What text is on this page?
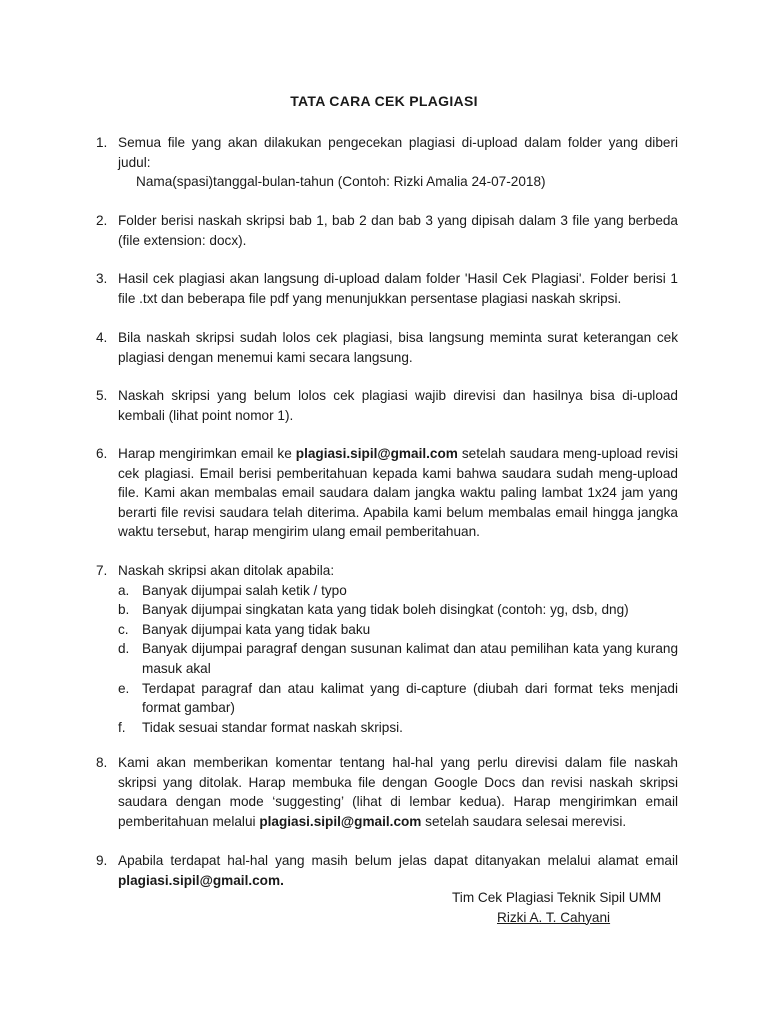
TATA CARA CEK PLAGIASI
1. Semua file yang akan dilakukan pengecekan plagiasi di-upload dalam folder yang diberi judul:

Nama(spasi)tanggal-bulan-tahun (Contoh: Rizki Amalia 24-07-2018)

2. Folder berisi naskah skripsi bab 1, bab 2 dan bab 3 yang dipisah dalam 3 file yang berbeda (file extension: docx).

3. Hasil cek plagiasi akan langsung di-upload dalam folder 'Hasil Cek Plagiasi'. Folder berisi 1 file .txt dan beberapa file pdf yang menunjukkan persentase plagiasi naskah skripsi.

4. Bila naskah skripsi sudah lolos cek plagiasi, bisa langsung meminta surat keterangan cek plagiasi dengan menemui kami secara langsung.

5. Naskah skripsi yang belum lolos cek plagiasi wajib direvisi dan hasilnya bisa di-upload kembali (lihat point nomor 1).

6. Harap mengirimkan email ke plagiasi.sipil@gmail.com setelah saudara meng-upload revisi cek plagiasi. Email berisi pemberitahuan kepada kami bahwa saudara sudah meng-upload file. Kami akan membalas email saudara dalam jangka waktu paling lambat 1x24 jam yang berarti file revisi saudara telah diterima. Apabila kami belum membalas email hingga jangka waktu tersebut, harap mengirim ulang email pemberitahuan.

7. Naskah skripsi akan ditolak apabila:

a. Banyak dijumpai salah ketik / typo
b. Banyak dijumpai singkatan kata yang tidak boleh disingkat (contoh: yg, dsb, dng)
c. Banyak dijumpai kata yang tidak baku
d. Banyak dijumpai paragraf dengan susunan kalimat dan atau pemilihan kata yang kurang masuk akal
e. Terdapat paragraf dan atau kalimat yang di-capture (diubah dari format teks menjadi format gambar)
f.	Tidak sesuai standar format naskah skripsi.
8. Kami akan memberikan komentar tentang hal-hal yang perlu direvisi dalam file naskah skripsi yang ditolak. Harap membuka file dengan Google Docs dan revisi naskah skripsi saudara dengan mode ‘suggesting’ (lihat di lembar kedua). Harap mengirimkan email pemberitahuan melalui plagiasi.sipil@gmail.com setelah saudara selesai merevisi.

9. Apabila terdapat hal-hal yang masih belum jelas dapat ditanyakan melalui alamat email plagiasi.sipil@gmail.com.

Tim Cek Plagiasi Teknik Sipil UMM
Rizki A. T. Cahyani
